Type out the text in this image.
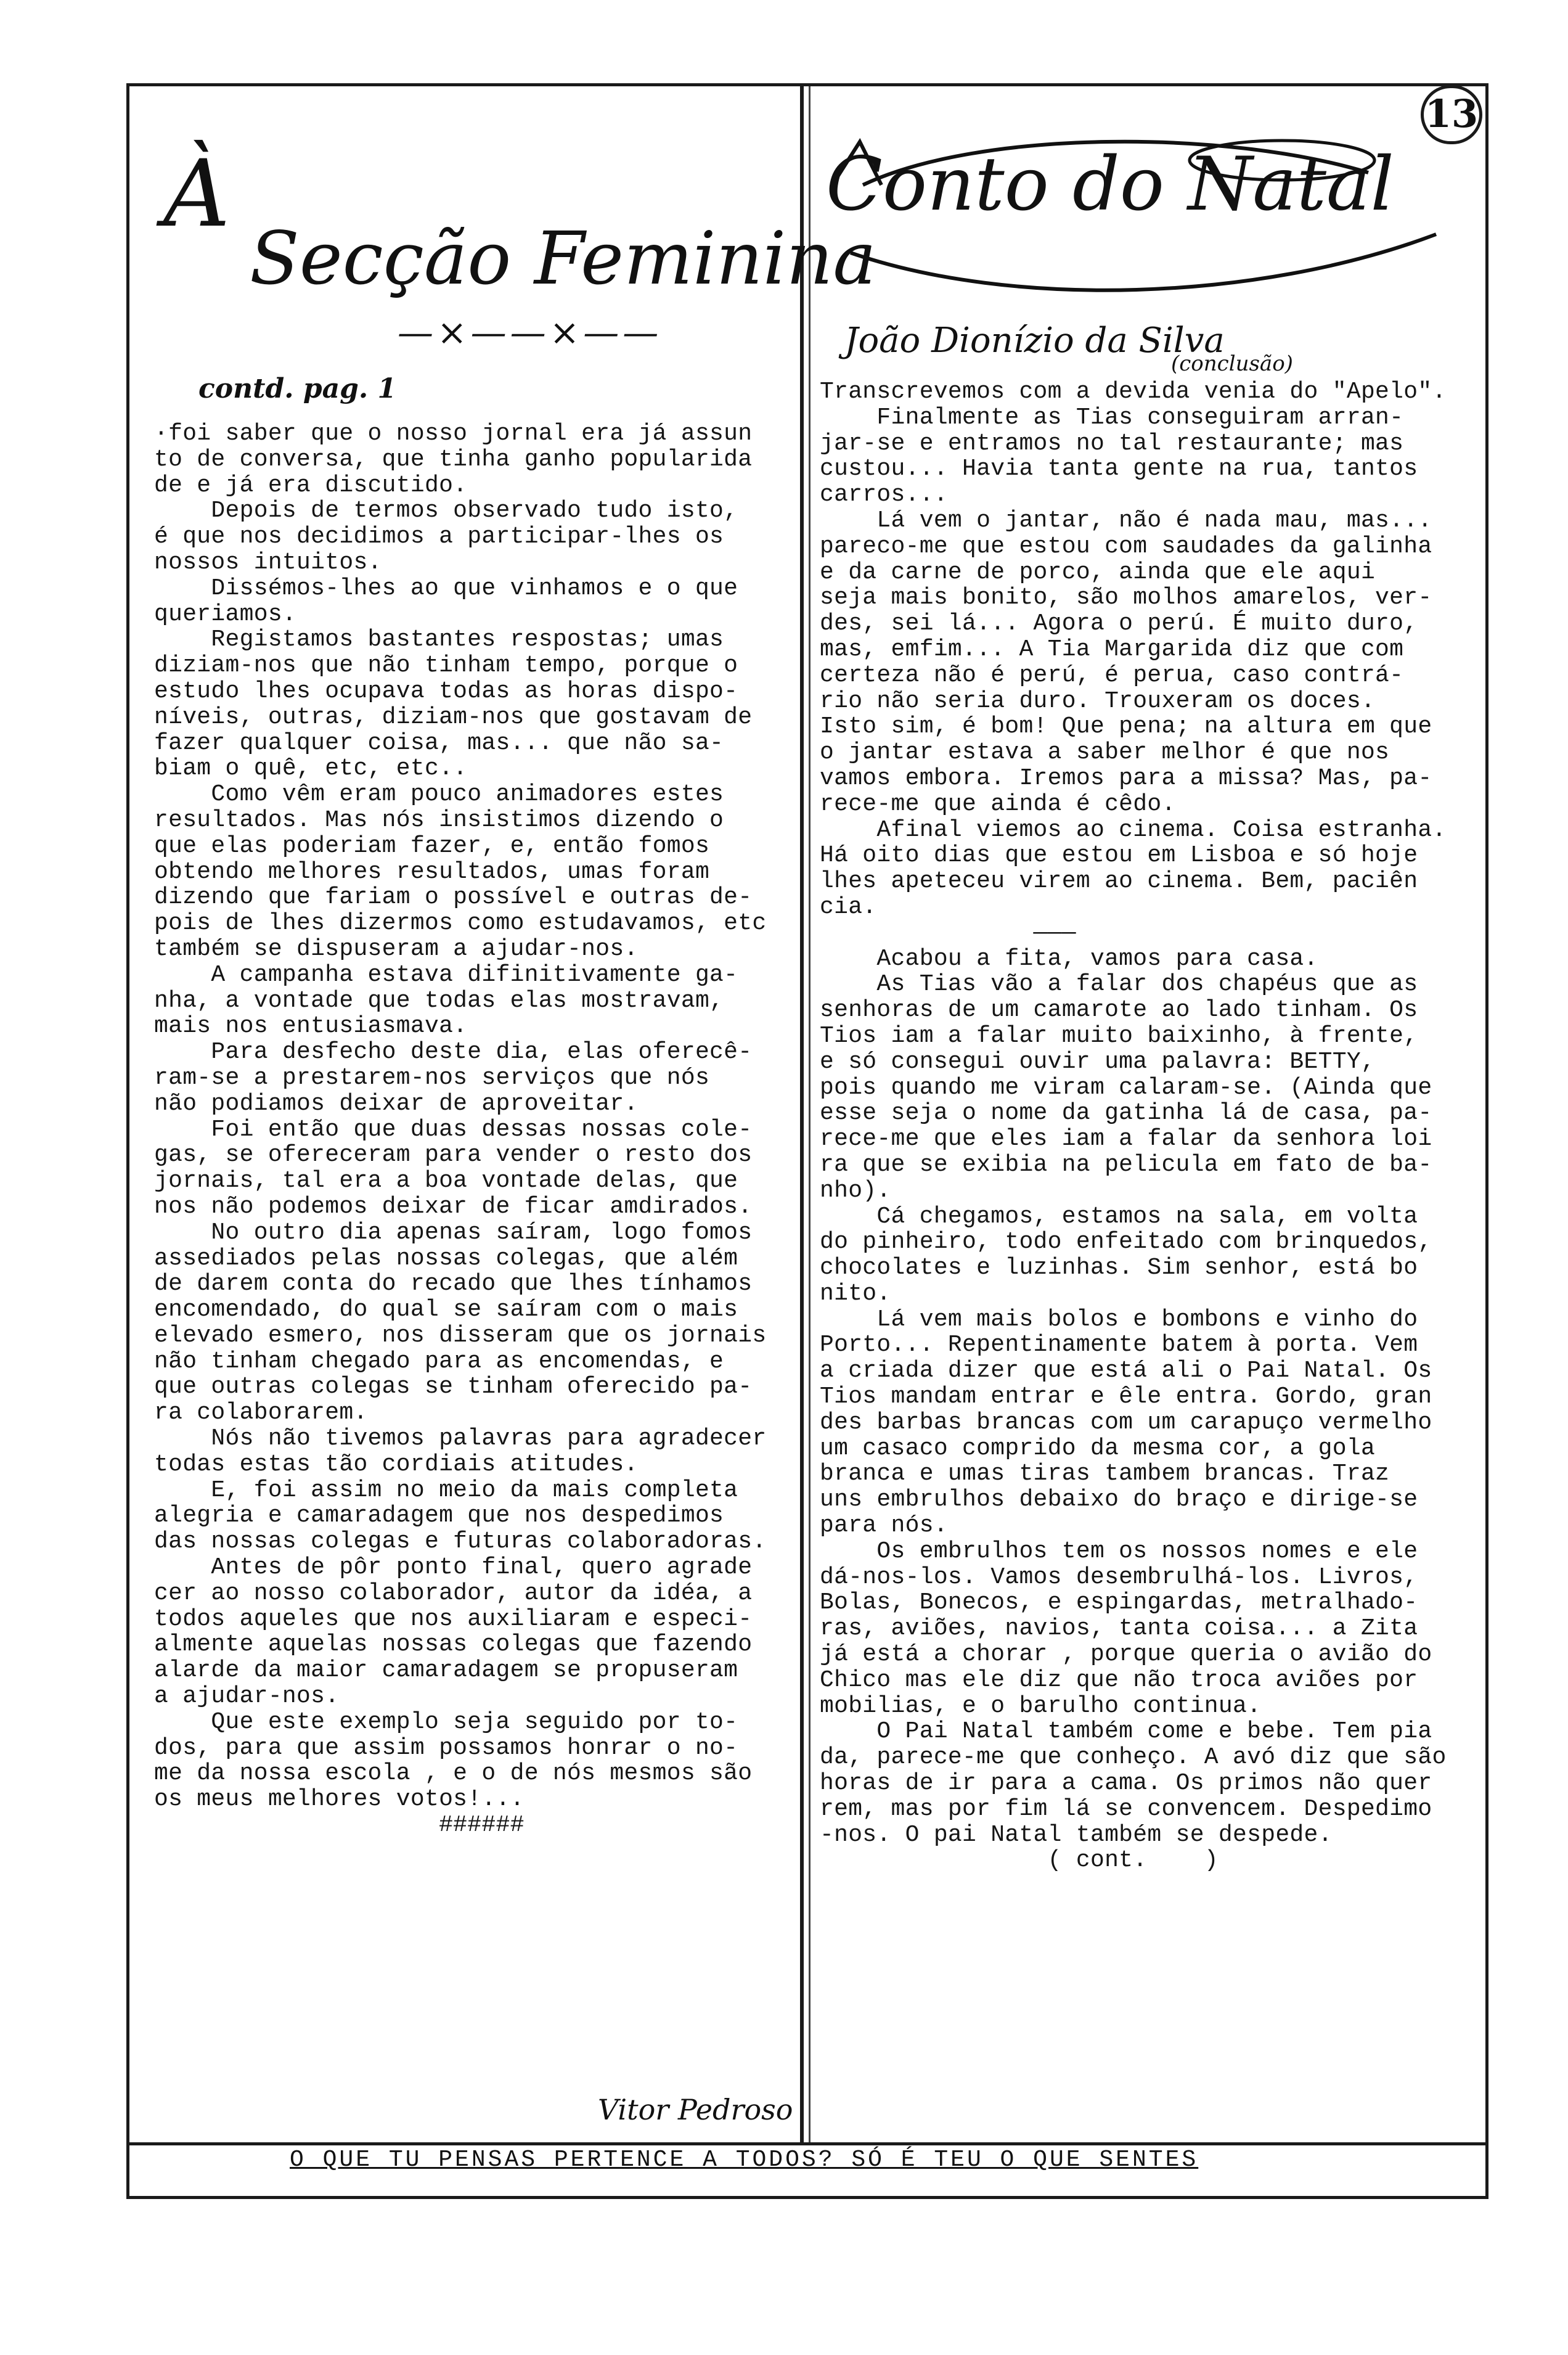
13
À
Secção Feminina
—×——×——
Conto do Natal
João Dionízio da Silva
(conclusão)
contd. pag. 1

·foi saber que o nosso jornal era já assun

to de conversa, que tinha ganho popularida

de e já era discutido.

Depois de termos observado tudo isto,

é que nos decidimos a participar-lhes os

nossos intuitos.

Dissémos-lhes ao que vinhamos e o que

queriamos.

Registamos bastantes respostas; umas

diziam-nos que não tinham tempo, porque o

estudo lhes ocupava todas as horas dispo-

níveis, outras, diziam-nos que gostavam de

fazer qualquer coisa, mas... que não sa-

biam o quê, etc, etc..

Como vêm eram pouco animadores estes

resultados. Mas nós insistimos dizendo o

que elas poderiam fazer, e, então fomos

obtendo melhores resultados, umas foram

dizendo que fariam o possível e outras de-

pois de lhes dizermos como estudavamos, etc

também se dispuseram a ajudar-nos.

A campanha estava difinitivamente ga-

nha, a vontade que todas elas mostravam,

mais nos entusiasmava.

Para desfecho deste dia, elas oferecê-

ram-se a prestarem-nos serviços que nós

não podiamos deixar de aproveitar.

Foi então que duas dessas nossas cole-

gas, se ofereceram para vender o resto dos

jornais, tal era a boa vontade delas, que

nos não podemos deixar de ficar amdirados.

No outro dia apenas saíram, logo fomos

assediados pelas nossas colegas, que além

de darem conta do recado que lhes tínhamos

encomendado, do qual se saíram com o mais

elevado esmero, nos disseram que os jornais

não tinham chegado para as encomendas, e

que outras colegas se tinham oferecido pa-

ra colaborarem.

Nós não tivemos palavras para agradecer

todas estas tão cordiais atitudes.

E, foi assim no meio da mais completa

alegria e camaradagem que nos despedimos

das nossas colegas e futuras colaboradoras.

Antes de pôr ponto final, quero agrade

cer ao nosso colaborador, autor da idéa, a

todos aqueles que nos auxiliaram e especi-

almente aquelas nossas colegas que fazendo

alarde da maior camaradagem se propuseram

a ajudar-nos.

Que este exemplo seja seguido por to-

dos, para que assim possamos honrar o no-

me da nossa escola , e o de nós mesmos são

os meus melhores votos!...

######

Transcrevemos com a devida venia do "Apelo".

Finalmente as Tias conseguiram arran-

jar-se e entramos no tal restaurante; mas

custou... Havia tanta gente na rua, tantos

carros...

Lá vem o jantar, não é nada mau, mas...

pareco-me que estou com saudades da galinha

e da carne de porco, ainda que ele aqui

seja mais bonito, são molhos amarelos, ver-

des, sei lá... Agora o perú. É muito duro,

mas, emfim... A Tia Margarida diz que com

certeza não é perú, é perua, caso contrá-

rio não seria duro. Trouxeram os doces.

Isto sim, é bom! Que pena; na altura em que

o jantar estava a saber melhor é que nos

vamos embora. Iremos para a missa? Mas, pa-

rece-me que ainda é cêdo.

Afinal viemos ao cinema. Coisa estranha.

Há oito dias que estou em Lisboa e só hoje

lhes apeteceu virem ao cinema. Bem, paciên

cia.

———

Acabou a fita, vamos para casa.

As Tias vão a falar dos chapéus que as

senhoras de um camarote ao lado tinham. Os

Tios iam a falar muito baixinho, à frente,

e só consegui ouvir uma palavra: BETTY,

pois quando me viram calaram-se. (Ainda que

esse seja o nome da gatinha lá de casa, pa-

rece-me que eles iam a falar da senhora loi

ra que se exibia na pelicula em fato de ba-

nho).

Cá chegamos, estamos na sala, em volta

do pinheiro, todo enfeitado com brinquedos,

chocolates e luzinhas. Sim senhor, está bo

nito.

Lá vem mais bolos e bombons e vinho do

Porto... Repentinamente batem à porta. Vem

a criada dizer que está ali o Pai Natal. Os

Tios mandam entrar e êle entra. Gordo, gran

des barbas brancas com um carapuço vermelho

um casaco comprido da mesma cor, a gola

branca e umas tiras tambem brancas. Traz

uns embrulhos debaixo do braço e dirige-se

para nós.

Os embrulhos tem os nossos nomes e ele

dá-nos-los. Vamos desembrulhá-los. Livros,

Bolas, Bonecos, e espingardas, metralhado-

ras, aviões, navios, tanta coisa... a Zita

já está a chorar , porque queria o avião do

Chico mas ele diz que não troca aviões por

mobilias, e o barulho continua.

O Pai Natal também come e bebe. Tem pia

da, parece-me que conheço. A avó diz que são

horas de ir para a cama. Os primos não quer

rem, mas por fim lá se convencem. Despedimo

-nos. O pai Natal também se despede.

( cont.    )

Vitor Pedroso
O QUE TU PENSAS PERTENCE A TODOS? SÓ É TEU O QUE SENTES
